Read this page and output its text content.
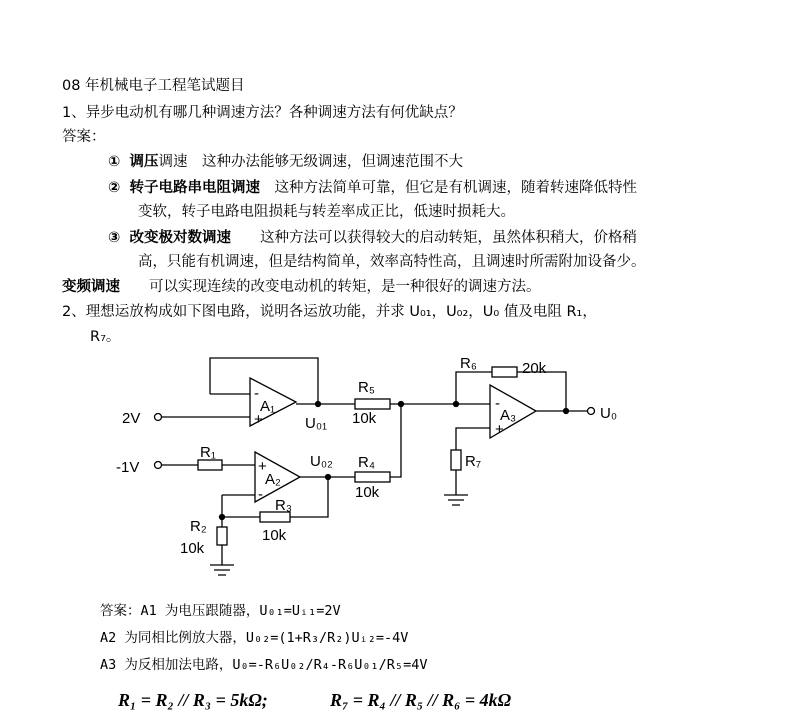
08 年机械电子工程笔试题目
1、异步电动机有哪几种调速方法？各种调速方法有何优缺点？
答案：
① 调压调速　这种办法能够无级调速，但调速范围不大
② 转子电路串电阻调速　这种方法简单可靠，但它是有机调速，随着转速降低特性
变软，转子电路电阻损耗与转差率成正比，低速时损耗大。
③ 改变极对数调速　　这种方法可以获得较大的启动转矩，虽然体积稍大，价格稍
高，只能有机调速，但是结构简单，效率高特性高，且调速时所需附加设备少。
变频调速　　可以实现连续的改变电动机的转矩，是一种很好的调速方法。
2、理想运放构成如下图电路，说明各运放功能，并求 U₀₁，U₀₂，U₀ 值及电阻 R₁，
R₇。
-
+
-
+
+
-
A₁
A₃
A₂
2V
-1V
U₀₁
U₀₂
U₀
R₅
10k
R₆	20k
R₇
R₁
R₄
10k
R₃
10k
R₂
10k
答案：A1 为电压跟随器，U₀₁=Uᵢ₁=2V
A2 为同相比例放大器，U₀₂=(1+R₃/R₂)Uᵢ₂=-4V
A3 为反相加法电路，U₀=-R₆U₀₂/R₄-R₆U₀₁/R₅=4V
R₁ = R₂ // R₃ = 5kΩ;	R₇ = R₄ // R₅ // R₆ = 4kΩ
